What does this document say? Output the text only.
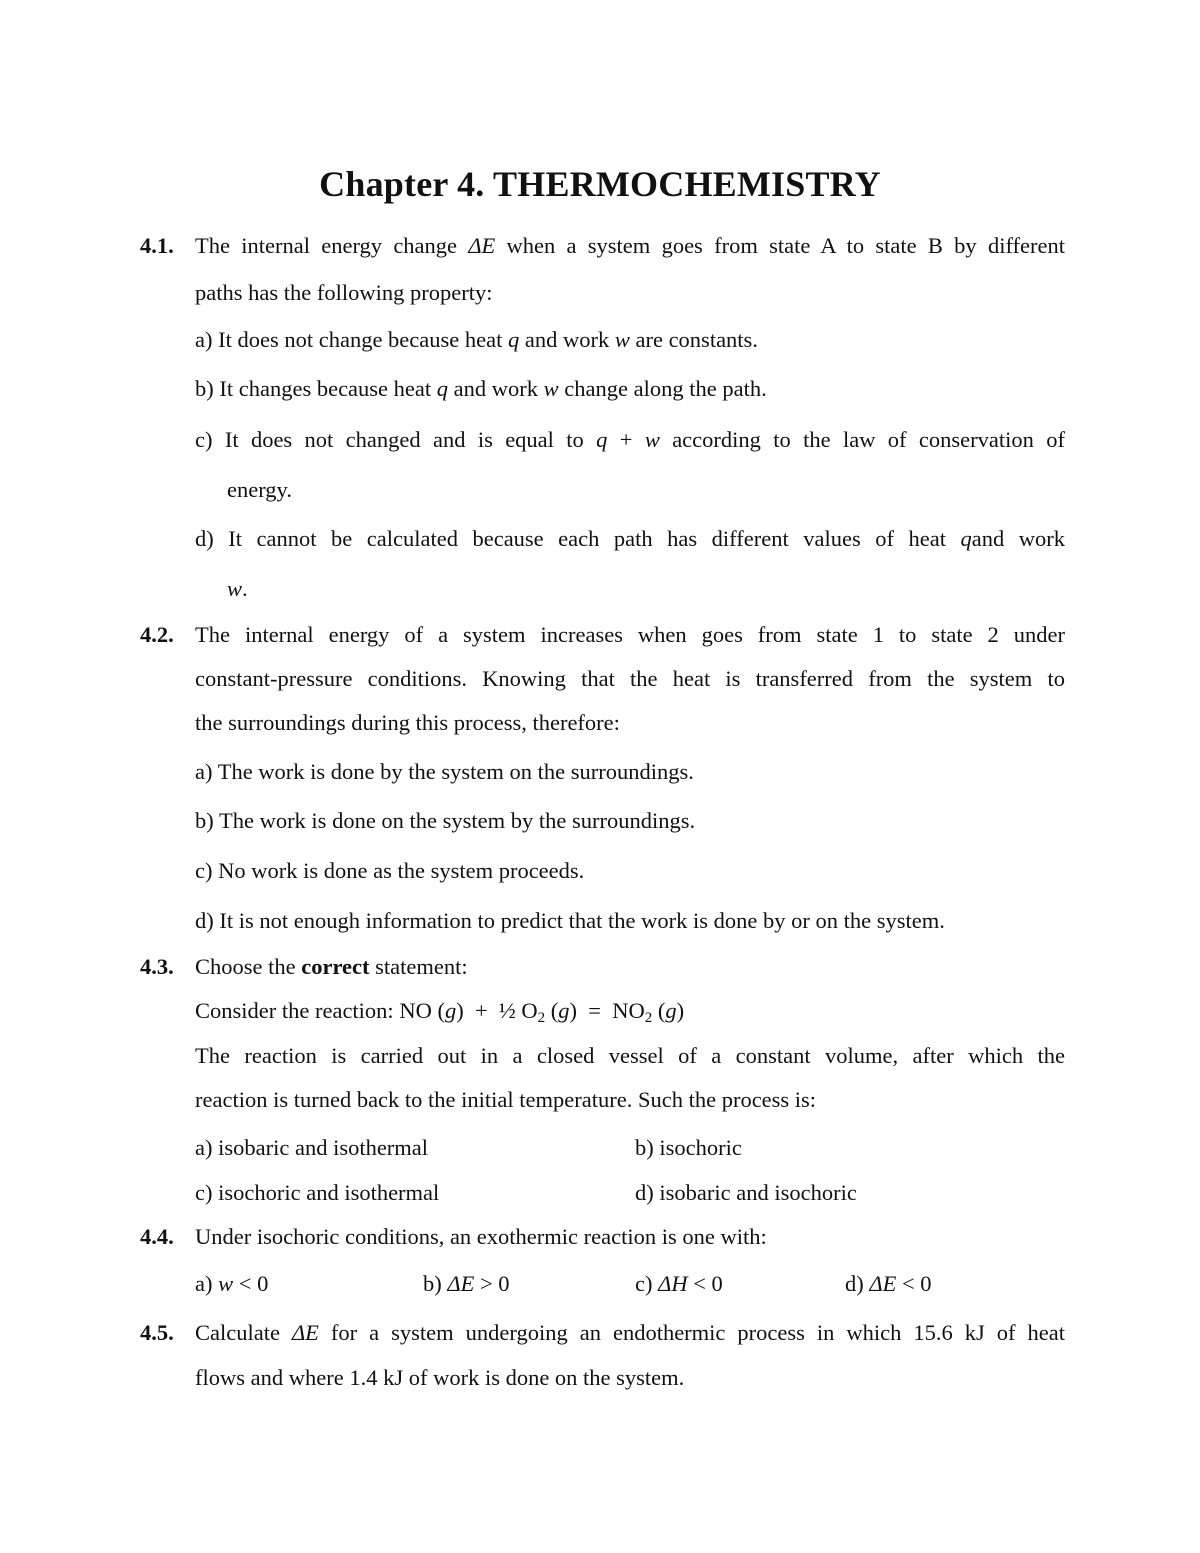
Chapter 4. THERMOCHEMISTRY
4.1. The internal energy change ΔE when a system goes from state A to state B by different
paths has the following property:
a) It does not change because heat q and work w are constants.
b) It changes because heat q and work w change along the path.
c) It does not changed and is equal to q + w according to the law of conservation of
energy.
d) It cannot be calculated because each path has different values of heat qand work
w.
4.2. The internal energy of a system increases when goes from state 1 to state 2 under
constant-pressure conditions. Knowing that the heat is transferred from the system to
the surroundings during this process, therefore:
a) The work is done by the system on the surroundings.
b) The work is done on the system by the surroundings.
c) No work is done as the system proceeds.
d) It is not enough information to predict that the work is done by or on the system.
4.3. Choose the correct statement:
Consider the reaction: NO (g) + ½ $O_2$ $(g) = NO_2$ (g)
The reaction is carried out in a closed vessel of a constant volume, after which the
reaction is turned back to the initial temperature. Such the process is:
a) isobaric and isothermal	b) isochoric
c) isochoric and isothermal	d) isobaric and isochoric
4.4. Under isochoric conditions, an exothermic reaction is one with:
a) w < 0	b) ΔE > 0	c) ΔH < 0	d) ΔE < 0
4.5. Calculate ΔE for a system undergoing an endothermic process in which 15.6 kJ of heat
flows and where 1.4 kJ of work is done on the system.
